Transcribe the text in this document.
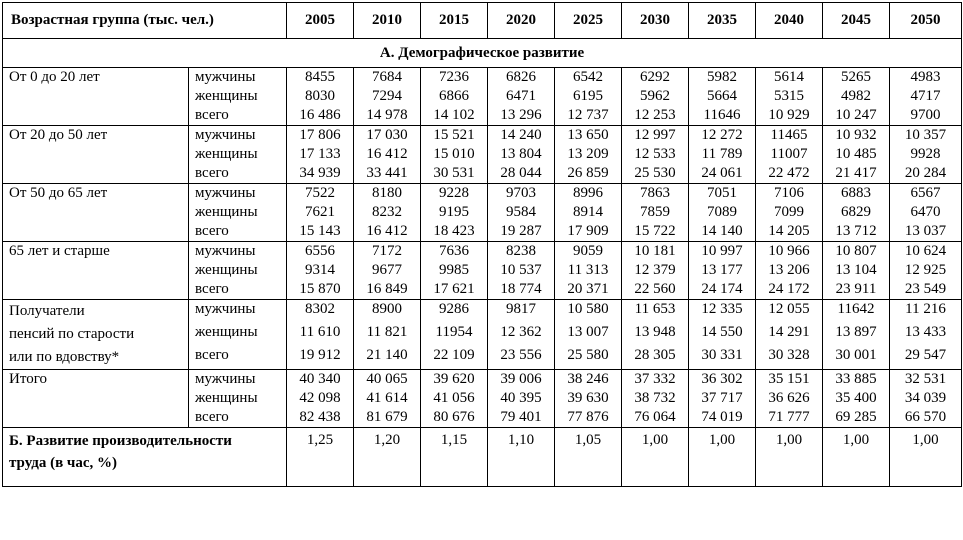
Возрастная группа (тыс. чел.)		2005	2010	2015	2020	2025	2030	2035	2040	2045	2050
А. Демографическое развитие											
От 0 до 20 лет	мужчины	8455	7684	7236	6826	6542	6292	5982	5614	5265	4983
	женщины	8030	7294	6866	6471	6195	5962	5664	5315	4982	4717
	всего	16 486	14 978	14 102	13 296	12 737	12 253	11646	10 929	10 247	9700
От 20 до 50 лет	мужчины	17 806	17 030	15 521	14 240	13 650	12 997	12 272	11465	10 932	10 357
	женщины	17 133	16 412	15 010	13 804	13 209	12 533	11 789	11007	10 485	9928
	всего	34 939	33 441	30 531	28 044	26 859	25 530	24 061	22 472	21 417	20 284
От 50 до 65 лет	мужчины	7522	8180	9228	9703	8996	7863	7051	7106	6883	6567
	женщины	7621	8232	9195	9584	8914	7859	7089	7099	6829	6470
	всего	15 143	16 412	18 423	19 287	17 909	15 722	14 140	14 205	13 712	13 037
65 лет и старше	мужчины	6556	7172	7636	8238	9059	10 181	10 997	10 966	10 807	10 624
	женщины	9314	9677	9985	10 537	11 313	12 379	13 177	13 206	13 104	12 925
	всего	15 870	16 849	17 621	18 774	20 371	22 560	24 174	24 172	23 911	23 549

Получатели
пенсий по старости
или по вдовству*	мужчины	8302	8900	9286	9817	10 580	11 653	12 335	12 055	11642	11 216
	женщины	11 610	11 821	11954	12 362	13 007	13 948	14 550	14 291	13 897	13 433
	всего	19 912	21 140	22 109	23 556	25 580	28 305	30 331	30 328	30 001	29 547
Итого	мужчины	40 340	40 065	39 620	39 006	38 246	37 332	36 302	35 151	33 885	32 531
	женщины	42 098	41 614	41 056	40 395	39 630	38 732	37 717	36 626	35 400	34 039
	всего	82 438	81 679	80 676	79 401	77 876	76 064	74 019	71 777	69 285	66 570

Б. Развитие производительности
труда (в час, %)		1,25	1,20	1,15	1,10	1,05	1,00	1,00	1,00	1,00	1,00
